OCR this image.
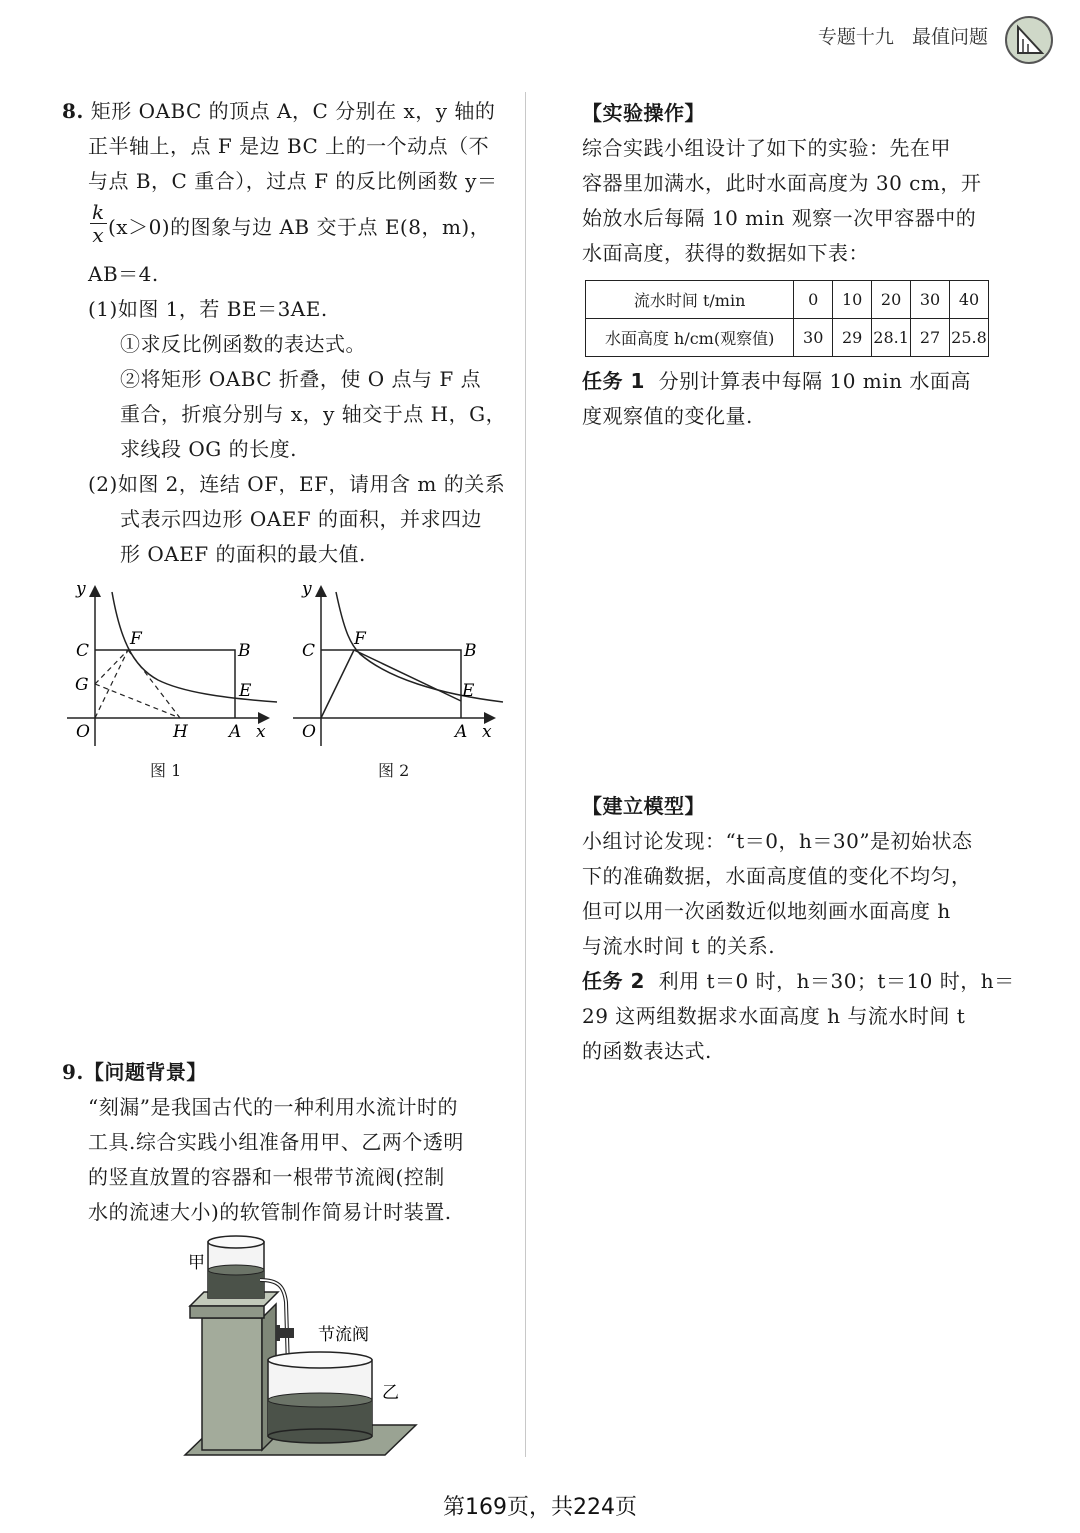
专题十九 最值问题
8. 矩形 OABC 的顶点 A，C 分别在 x，y 轴的
正半轴上，点 F 是边 BC 上的一个动点（不
与点 B，C 重合），过点 F 的反比例函数 y＝
$\frac{k}{x} (x>0)$的图象与边 AB 交于点 E(8，m)，
AB＝4.
(1)如图 1，若 BE＝3AE.
①求反比例函数的表达式。
②将矩形 OABC 折叠，使 O 点与 F 点
重合，折痕分别与 x，y 轴交于点 H，G，
求线段 OG 的长度.
(2)如图 2，连结 OF，EF，请用含 m 的关系
式表示四边形 OAEF 的面积，并求四边
形 OAEF 的面积的最大值.
y
x
O
C
F
B
G	E
H A
图 1
y
x
O
C
F
B
E
A
图 2
9.【问题背景】
“刻漏”是我国古代的一种利用水流计时的
工具.综合实践小组准备用甲、乙两个透明
的竖直放置的容器和一根带节流阀(控制
水的流速大小)的软管制作简易计时装置.
甲
乙
节流阀
【实验操作】
综合实践小组设计了如下的实验：先在甲
容器里加满水，此时水面高度为 30 cm，开
始放水后每隔 10 min 观察一次甲容器中的
水面高度，获得的数据如下表：
流水时间 t/min	0	10	20	30	40
水面高度 h/cm(观察值)	30	29	28.1	27	25.8
任务 1 分别计算表中每隔 10 min 水面高
度观察值的变化量.
【建立模型】
小组讨论发现：“t＝0，h＝30”是初始状态
下的准确数据，水面高度值的变化不均匀，
但可以用一次函数近似地刻画水面高度 h
与流水时间 t 的关系.
任务 2 利用 t＝0 时，h＝30；t＝10 时，h＝
29 这两组数据求水面高度 h 与流水时间 t
的函数表达式.
第169页，共224页
